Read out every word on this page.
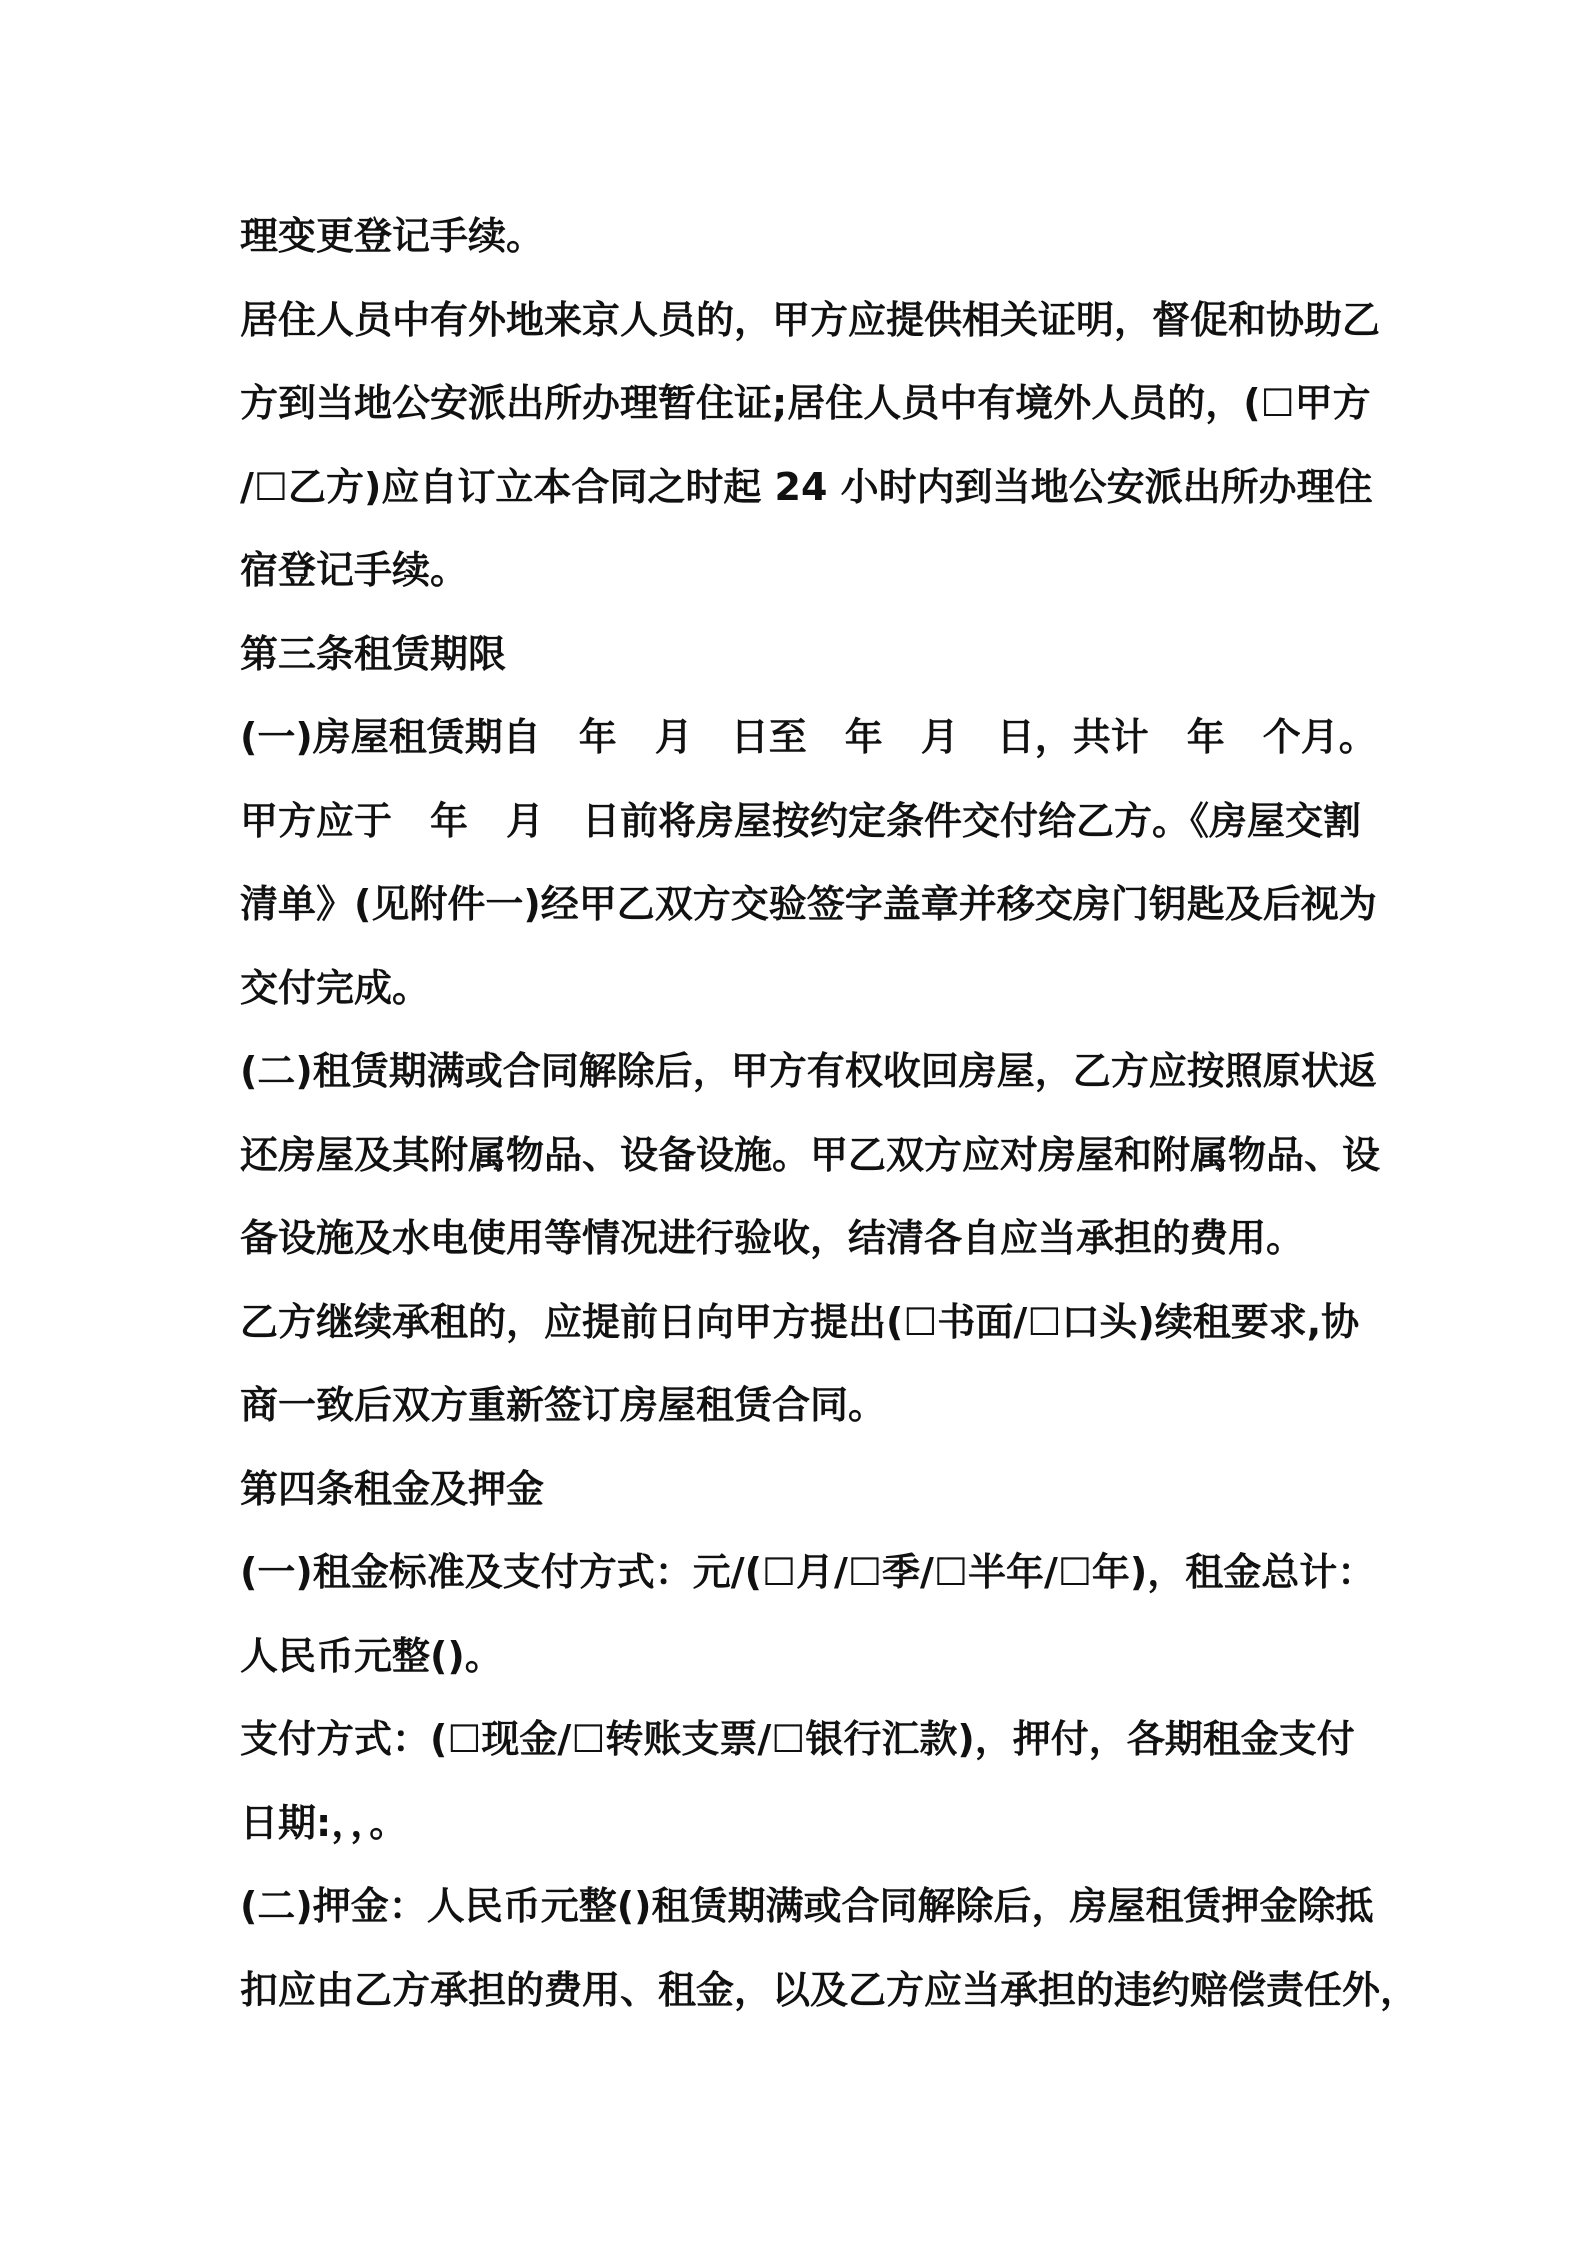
理变更登记手续。
居住人员中有外地来京人员的，甲方应提供相关证明，督促和协助乙
方到当地公安派出所办理暂住证;居住人员中有境外人员的，(☐甲方
/☐乙方)应自订立本合同之时起 24 小时内到当地公安派出所办理住
宿登记手续。
第三条租赁期限
(一)房屋租赁期自　年　月　日至　年　月　日，共计　年　个月。
甲方应于　年　月　日前将房屋按约定条件交付给乙方。《房屋交割
清单》(见附件一)经甲乙双方交验签字盖章并移交房门钥匙及后视为
交付完成。
(二)租赁期满或合同解除后，甲方有权收回房屋，乙方应按照原状返
还房屋及其附属物品、设备设施。甲乙双方应对房屋和附属物品、设
备设施及水电使用等情况进行验收，结清各自应当承担的费用。
乙方继续承租的，应提前日向甲方提出(☐书面/☐口头)续租要求,协
商一致后双方重新签订房屋租赁合同。
第四条租金及押金
(一)租金标准及支付方式：元/(☐月/☐季/☐半年/☐年)，租金总计：
人民币元整()。
支付方式：(☐现金/☐转账支票/☐银行汇款)，押付，各期租金支付
日期:，，。
(二)押金：人民币元整()租赁期满或合同解除后，房屋租赁押金除抵
扣应由乙方承担的费用、租金，以及乙方应当承担的违约赔偿责任外，
